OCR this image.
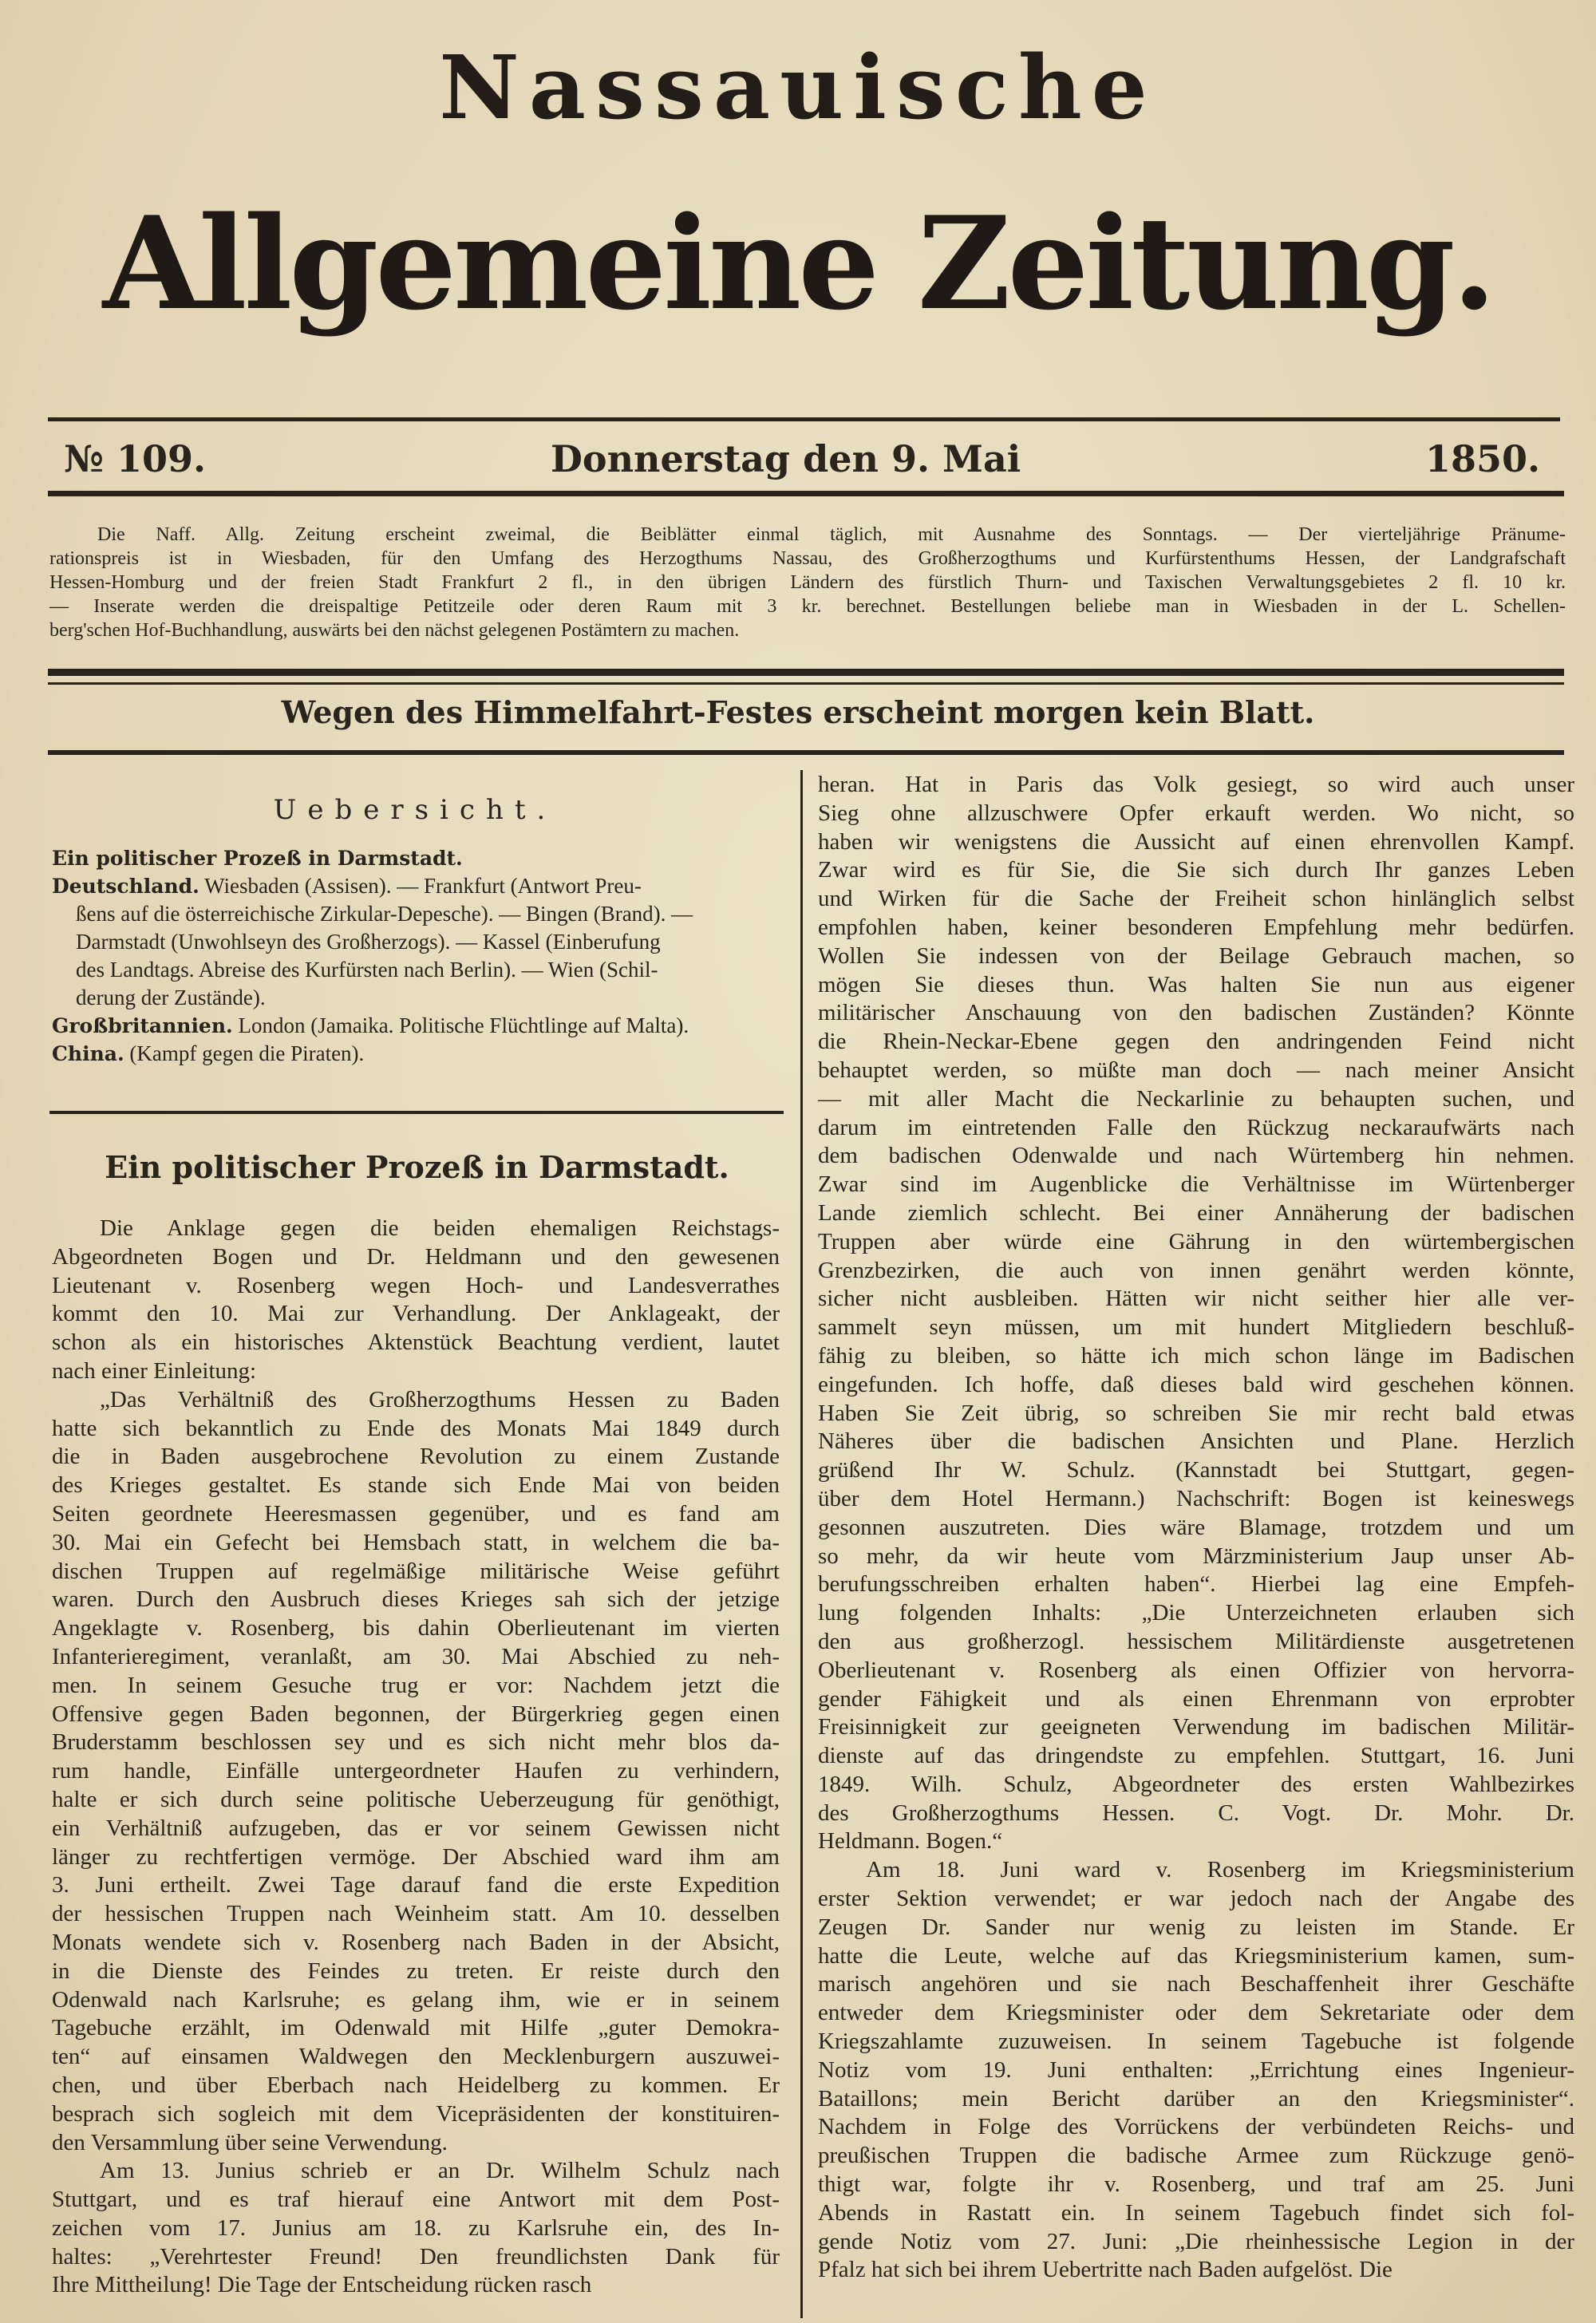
Nassauische
Allgemeine Zeitung.
№ 109.	Donnerstag den 9. Mai	1850.
Die Naff. Allg. Zeitung erscheint zweimal, die Beiblätter einmal täglich, mit Ausnahme des Sonntags. — Der vierteljährige Pränume-
rationspreis ist in Wiesbaden, für den Umfang des Herzogthums Nassau, des Großherzogthums und Kurfürstenthums Hessen, der Landgrafschaft
Hessen-Homburg und der freien Stadt Frankfurt 2 fl., in den übrigen Ländern des fürstlich Thurn- und Taxischen Verwaltungsgebietes 2 fl. 10 kr.
— Inserate werden die dreispaltige Petitzeile oder deren Raum mit 3 kr. berechnet. Bestellungen beliebe man in Wiesbaden in der L. Schellen-
berg'schen Hof-Buchhandlung, auswärts bei den nächst gelegenen Postämtern zu machen.
Wegen des Himmelfahrt-Festes erscheint morgen kein Blatt.
Uebersicht.
Ein politischer Prozeß in Darmstadt.
Deutschland. Wiesbaden (Assisen). — Frankfurt (Antwort Preu-
ßens auf die österreichische Zirkular-Depesche). — Bingen (Brand). —
Darmstadt (Unwohlseyn des Großherzogs). — Kassel (Einberufung
des Landtags. Abreise des Kurfürsten nach Berlin). — Wien (Schil-
derung der Zustände).
Großbritannien. London (Jamaika. Politische Flüchtlinge auf Malta).
China. (Kampf gegen die Piraten).
Ein politischer Prozeß in Darmstadt.
Die Anklage gegen die beiden ehemaligen Reichstags-
Abgeordneten Bogen und Dr. Heldmann und den gewesenen
Lieutenant v. Rosenberg wegen Hoch- und Landesverrathes
kommt den 10. Mai zur Verhandlung. Der Anklageakt, der
schon als ein historisches Aktenstück Beachtung verdient, lautet
nach einer Einleitung:
„Das Verhältniß des Großherzogthums Hessen zu Baden
hatte sich bekanntlich zu Ende des Monats Mai 1849 durch
die in Baden ausgebrochene Revolution zu einem Zustande
des Krieges gestaltet. Es stande sich Ende Mai von beiden
Seiten geordnete Heeresmassen gegenüber, und es fand am
30. Mai ein Gefecht bei Hemsbach statt, in welchem die ba-
dischen Truppen auf regelmäßige militärische Weise geführt
waren. Durch den Ausbruch dieses Krieges sah sich der jetzige
Angeklagte v. Rosenberg, bis dahin Oberlieutenant im vierten
Infanterieregiment, veranlaßt, am 30. Mai Abschied zu neh-
men. In seinem Gesuche trug er vor: Nachdem jetzt die
Offensive gegen Baden begonnen, der Bürgerkrieg gegen einen
Bruderstamm beschlossen sey und es sich nicht mehr blos da-
rum handle, Einfälle untergeordneter Haufen zu verhindern,
halte er sich durch seine politische Ueberzeugung für genöthigt,
ein Verhältniß aufzugeben, das er vor seinem Gewissen nicht
länger zu rechtfertigen vermöge. Der Abschied ward ihm am
3. Juni ertheilt. Zwei Tage darauf fand die erste Expedition
der hessischen Truppen nach Weinheim statt. Am 10. desselben
Monats wendete sich v. Rosenberg nach Baden in der Absicht,
in die Dienste des Feindes zu treten. Er reiste durch den
Odenwald nach Karlsruhe; es gelang ihm, wie er in seinem
Tagebuche erzählt, im Odenwald mit Hilfe „guter Demokra-
ten“ auf einsamen Waldwegen den Mecklenburgern auszuwei-
chen, und über Eberbach nach Heidelberg zu kommen. Er
besprach sich sogleich mit dem Vicepräsidenten der konstituiren-
den Versammlung über seine Verwendung.
Am 13. Junius schrieb er an Dr. Wilhelm Schulz nach
Stuttgart, und es traf hierauf eine Antwort mit dem Post-
zeichen vom 17. Junius am 18. zu Karlsruhe ein, des In-
haltes: „Verehrtester Freund! Den freundlichsten Dank für
Ihre Mittheilung! Die Tage der Entscheidung rücken rasch
heran. Hat in Paris das Volk gesiegt, so wird auch unser
Sieg ohne allzuschwere Opfer erkauft werden. Wo nicht, so
haben wir wenigstens die Aussicht auf einen ehrenvollen Kampf.
Zwar wird es für Sie, die Sie sich durch Ihr ganzes Leben
und Wirken für die Sache der Freiheit schon hinlänglich selbst
empfohlen haben, keiner besonderen Empfehlung mehr bedürfen.
Wollen Sie indessen von der Beilage Gebrauch machen, so
mögen Sie dieses thun. Was halten Sie nun aus eigener
militärischer Anschauung von den badischen Zuständen? Könnte
die Rhein-Neckar-Ebene gegen den andringenden Feind nicht
behauptet werden, so müßte man doch — nach meiner Ansicht
— mit aller Macht die Neckarlinie zu behaupten suchen, und
darum im eintretenden Falle den Rückzug neckaraufwärts nach
dem badischen Odenwalde und nach Würtemberg hin nehmen.
Zwar sind im Augenblicke die Verhältnisse im Würtenberger
Lande ziemlich schlecht. Bei einer Annäherung der badischen
Truppen aber würde eine Gährung in den würtembergischen
Grenzbezirken, die auch von innen genährt werden könnte,
sicher nicht ausbleiben. Hätten wir nicht seither hier alle ver-
sammelt seyn müssen, um mit hundert Mitgliedern beschluß-
fähig zu bleiben, so hätte ich mich schon länge im Badischen
eingefunden. Ich hoffe, daß dieses bald wird geschehen können.
Haben Sie Zeit übrig, so schreiben Sie mir recht bald etwas
Näheres über die badischen Ansichten und Plane. Herzlich
grüßend Ihr W. Schulz. (Kannstadt bei Stuttgart, gegen-
über dem Hotel Hermann.) Nachschrift: Bogen ist keineswegs
gesonnen auszutreten. Dies wäre Blamage, trotzdem und um
so mehr, da wir heute vom Märzministerium Jaup unser Ab-
berufungsschreiben erhalten haben“. Hierbei lag eine Empfeh-
lung folgenden Inhalts: „Die Unterzeichneten erlauben sich
den aus großherzogl. hessischem Militärdienste ausgetretenen
Oberlieutenant v. Rosenberg als einen Offizier von hervorra-
gender Fähigkeit und als einen Ehrenmann von erprobter
Freisinnigkeit zur geeigneten Verwendung im badischen Militär-
dienste auf das dringendste zu empfehlen. Stuttgart, 16. Juni
1849. Wilh. Schulz, Abgeordneter des ersten Wahlbezirkes
des Großherzogthums Hessen. C. Vogt. Dr. Mohr. Dr.
Heldmann. Bogen.“
Am 18. Juni ward v. Rosenberg im Kriegsministerium
erster Sektion verwendet; er war jedoch nach der Angabe des
Zeugen Dr. Sander nur wenig zu leisten im Stande. Er
hatte die Leute, welche auf das Kriegsministerium kamen, sum-
marisch angehören und sie nach Beschaffenheit ihrer Geschäfte
entweder dem Kriegsminister oder dem Sekretariate oder dem
Kriegszahlamte zuzuweisen. In seinem Tagebuche ist folgende
Notiz vom 19. Juni enthalten: „Errichtung eines Ingenieur-
Bataillons; mein Bericht darüber an den Kriegsminister“.
Nachdem in Folge des Vorrückens der verbündeten Reichs- und
preußischen Truppen die badische Armee zum Rückzuge genö-
thigt war, folgte ihr v. Rosenberg, und traf am 25. Juni
Abends in Rastatt ein. In seinem Tagebuch findet sich fol-
gende Notiz vom 27. Juni: „Die rheinhessische Legion in der
Pfalz hat sich bei ihrem Uebertritte nach Baden aufgelöst. Die
